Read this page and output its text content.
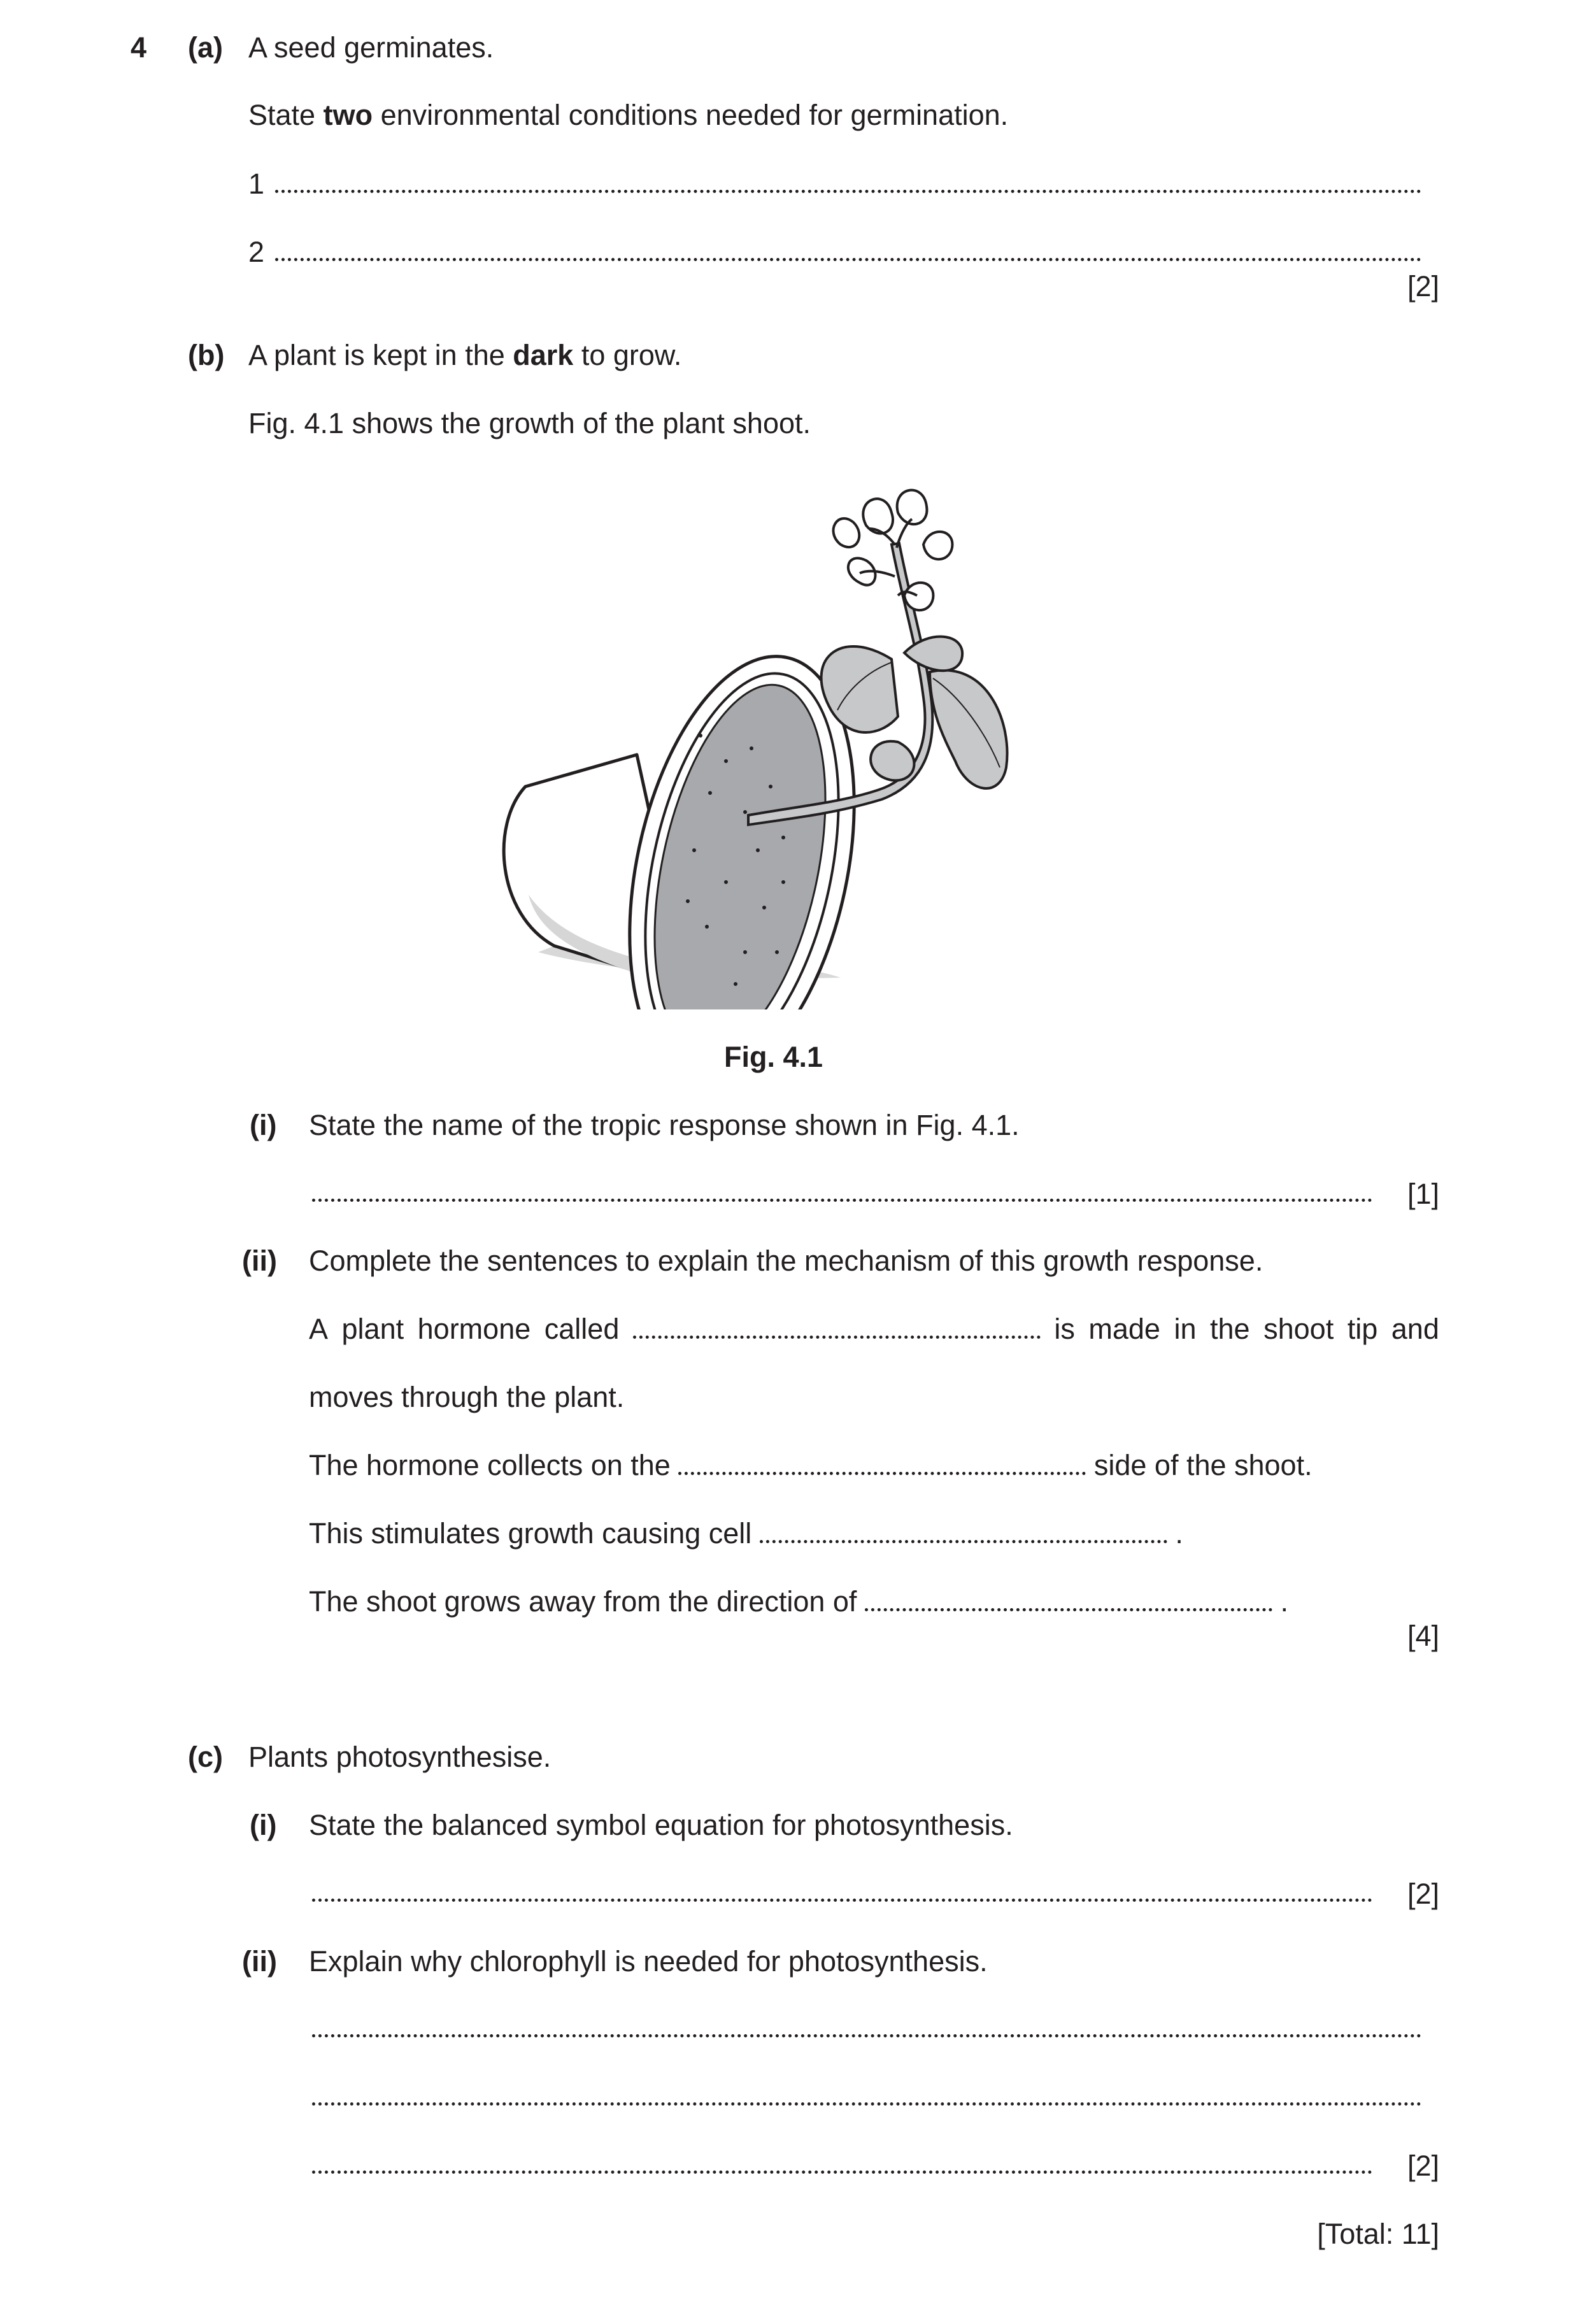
4 (a) A seed germinates.
State two environmental conditions needed for germination.
1
2
[2]
(b) A plant is kept in the dark to grow.
Fig. 4.1 shows the growth of the plant shoot.
Fig. 4.1
(i) State the name of the tropic response shown in Fig. 4.1.
[1]
(ii) Complete the sentences to explain the mechanism of this growth response.
A plant hormone called	is made in the shoot tip and
moves through the plant.
The hormone collects on the	side of the shoot.
This stimulates growth causing cell	.
The shoot grows away from the direction of	.
[4]
(c) Plants photosynthesise.
(i) State the balanced symbol equation for photosynthesis.
[2]
(ii) Explain why chlorophyll is needed for photosynthesis.
[2]
[Total: 11]
